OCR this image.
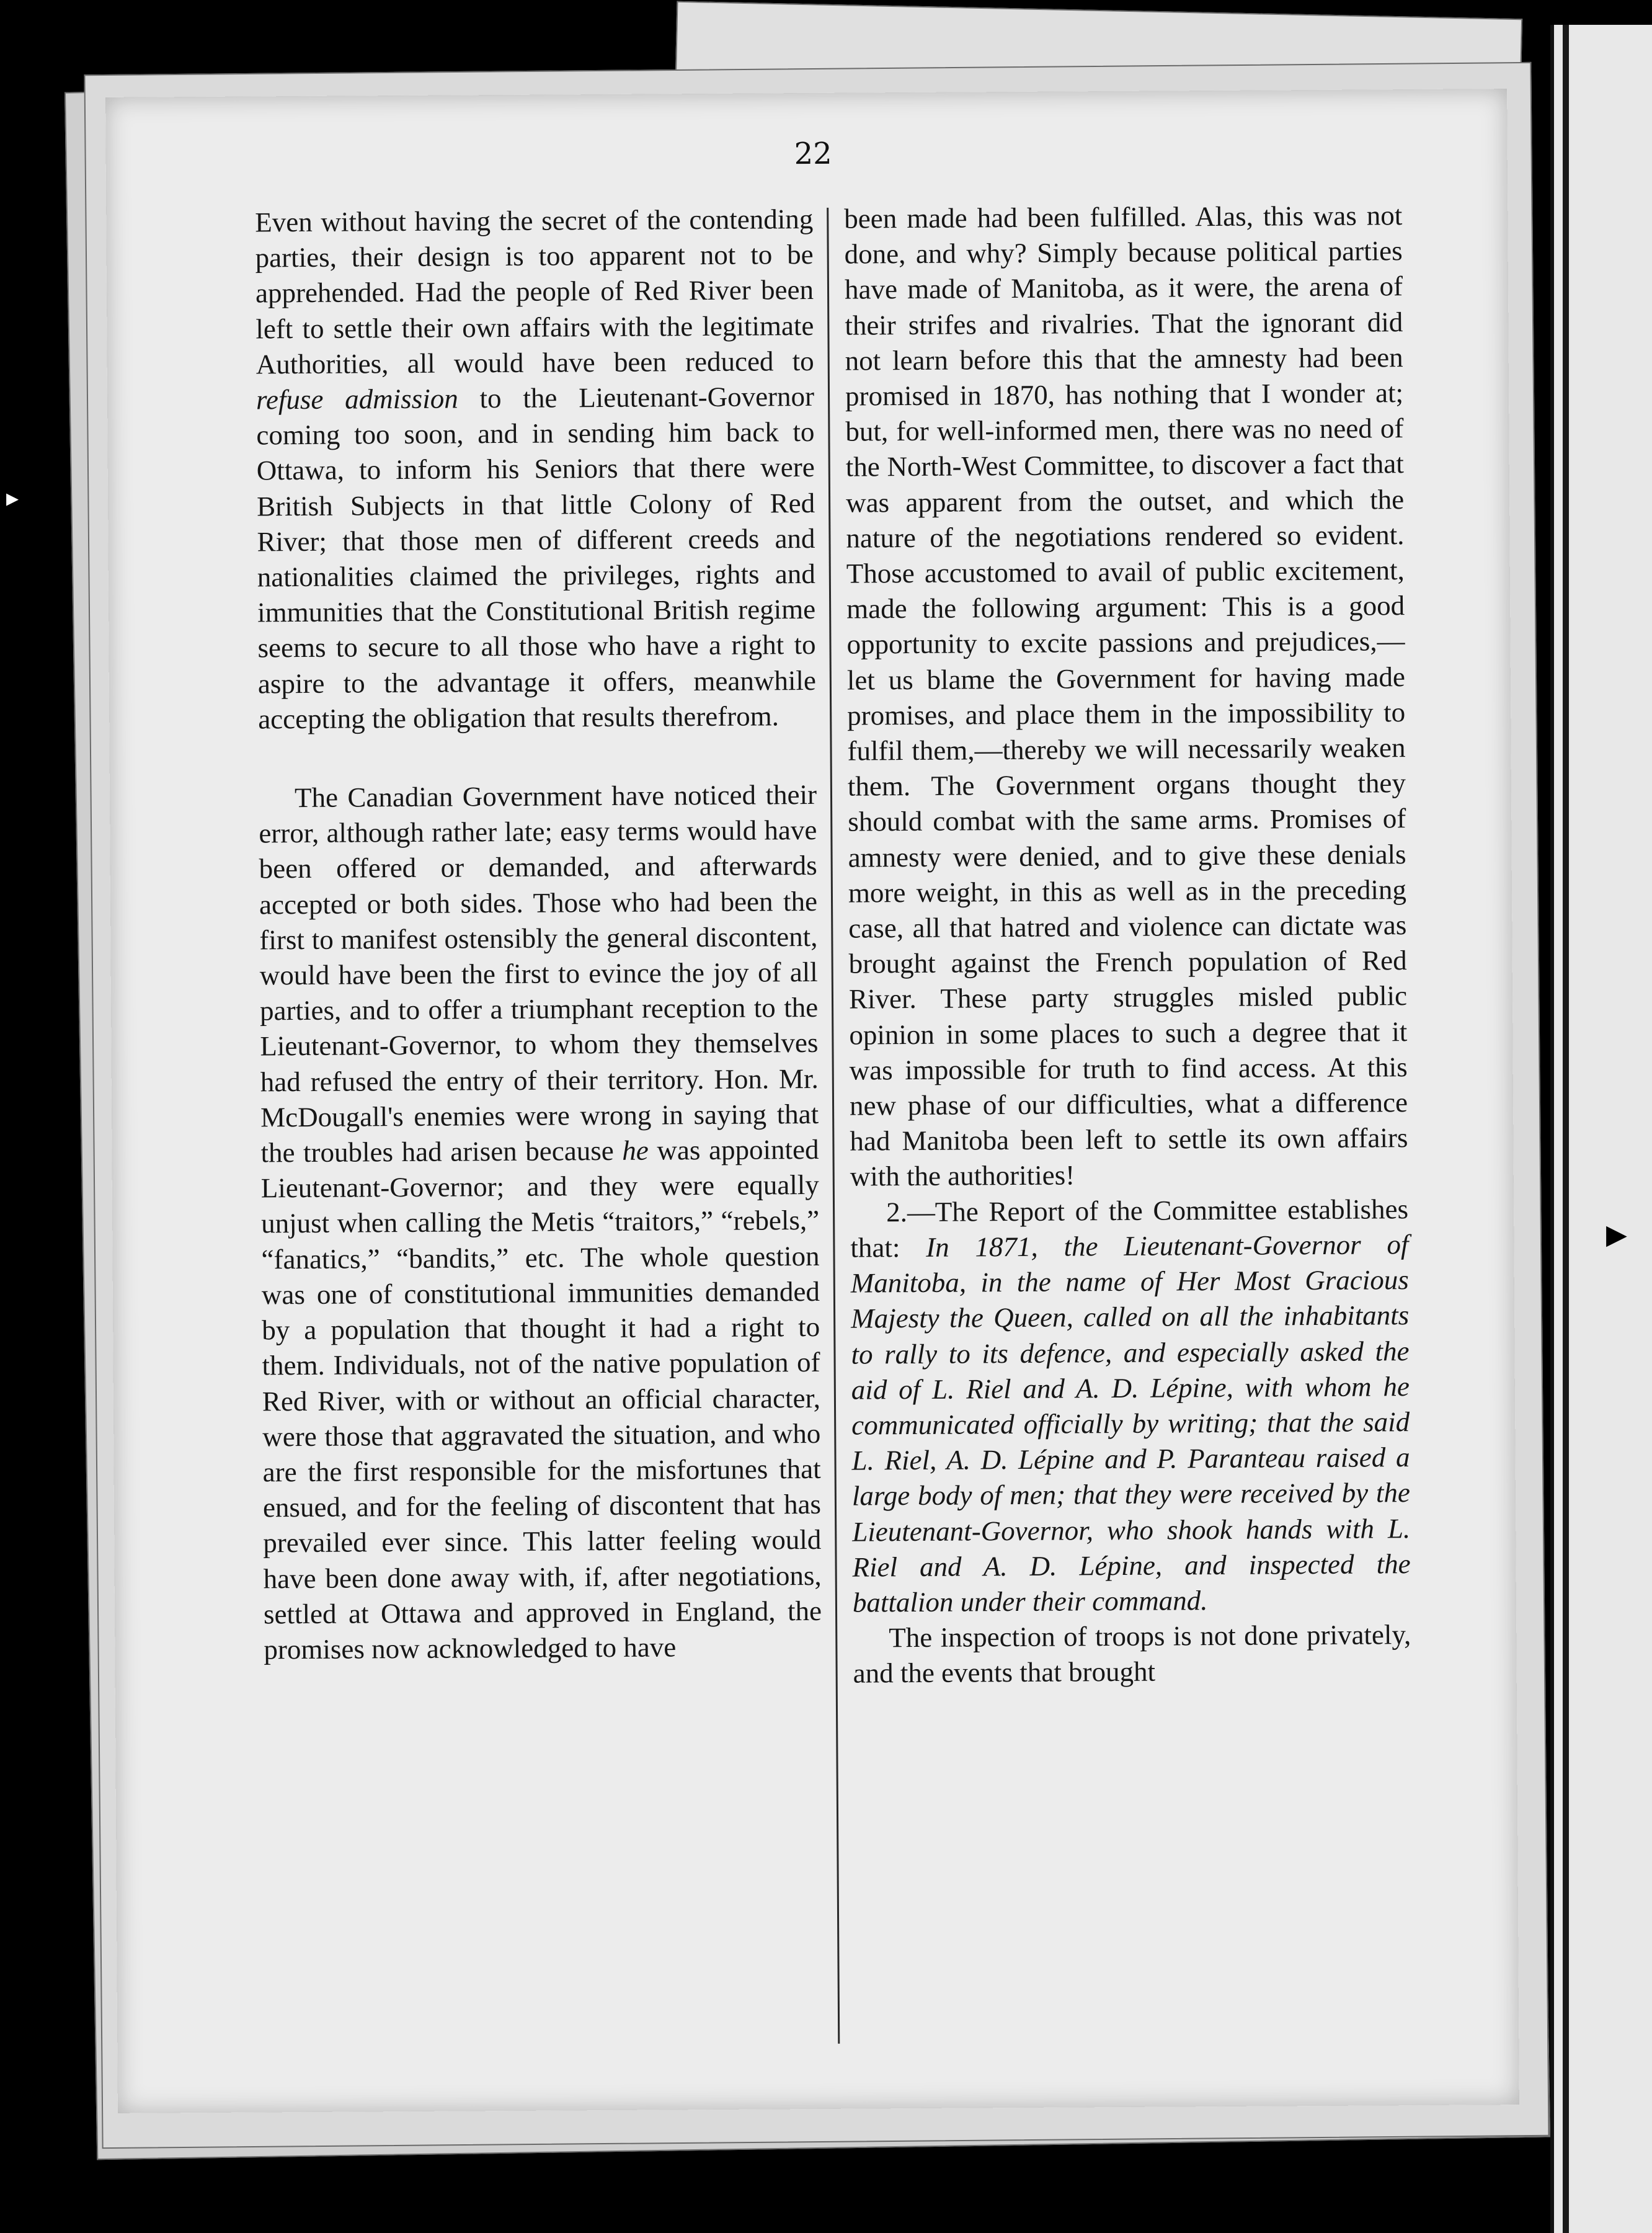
22

Even without having the secret of the contending parties, their design is too apparent not to be apprehended. Had the people of Red River been left to settle their own affairs with the legitimate Authorities, all would have been reduced to refuse admission to the Lieutenant-Governor coming too soon, and in sending him back to Ottawa, to inform his Seniors that there were British Subjects in that little Colony of Red River; that those men of different creeds and nationalities claimed the privileges, rights and immunities that the Constitutional British regime seems to secure to all those who have a right to aspire to the advantage it offers, meanwhile accepting the obligation that results therefrom.

The Canadian Government have noticed their error, although rather late; easy terms would have been offered or demanded, and afterwards accepted or both sides. Those who had been the first to manifest ostensibly the general discontent, would have been the first to evince the joy of all parties, and to offer a triumphant reception to the Lieutenant-Governor, to whom they themselves had refused the entry of their territory. Hon. Mr. McDougall's enemies were wrong in saying that the troubles had arisen because he was appointed Lieutenant-Governor; and they were equally unjust when calling the Metis “traitors,” “rebels,” “fanatics,” “bandits,” etc. The whole question was one of constitutional immunities demanded by a population that thought it had a right to them. Individuals, not of the native population of Red River, with or without an official character, were those that aggravated the situation, and who are the first responsible for the misfortunes that ensued, and for the feeling of discontent that has prevailed ever since. This latter feeling would have been done away with, if, after negotiations, settled at Ottawa and approved in England, the promises now acknowledged to have

been made had been fulfilled. Alas, this was not done, and why? Simply because political parties have made of Manitoba, as it were, the arena of their strifes and rivalries. That the ignorant did not learn before this that the amnesty had been promised in 1870, has nothing that I wonder at; but, for well-informed men, there was no need of the North-West Committee, to discover a fact that was apparent from the outset, and which the nature of the negotiations rendered so evident. Those accustomed to avail of public excitement, made the following argument: This is a good opportunity to excite passions and prejudices,—let us blame the Government for having made promises, and place them in the impossibility to fulfil them,—thereby we will necessarily weaken them. The Government organs thought they should combat with the same arms. Promises of amnesty were denied, and to give these denials more weight, in this as well as in the preceding case, all that hatred and violence can dictate was brought against the French population of Red River. These party struggles misled public opinion in some places to such a degree that it was impossible for truth to find access. At this new phase of our difficulties, what a difference had Manitoba been left to settle its own affairs with the authorities!

2.—The Report of the Committee establishes that: In 1871, the Lieutenant-Governor of Manitoba, in the name of Her Most Gracious Majesty the Queen, called on all the inhabitants to rally to its defence, and especially asked the aid of L. Riel and A. D. Lépine, with whom he communicated officially by writing; that the said L. Riel, A. D. Lépine and P. Paranteau raised a large body of men; that they were received by the Lieutenant-Governor, who shook hands with L. Riel and A. D. Lépine, and inspected the battalion under their command.

The inspection of troops is not done privately, and the events that brought

▸
▶
